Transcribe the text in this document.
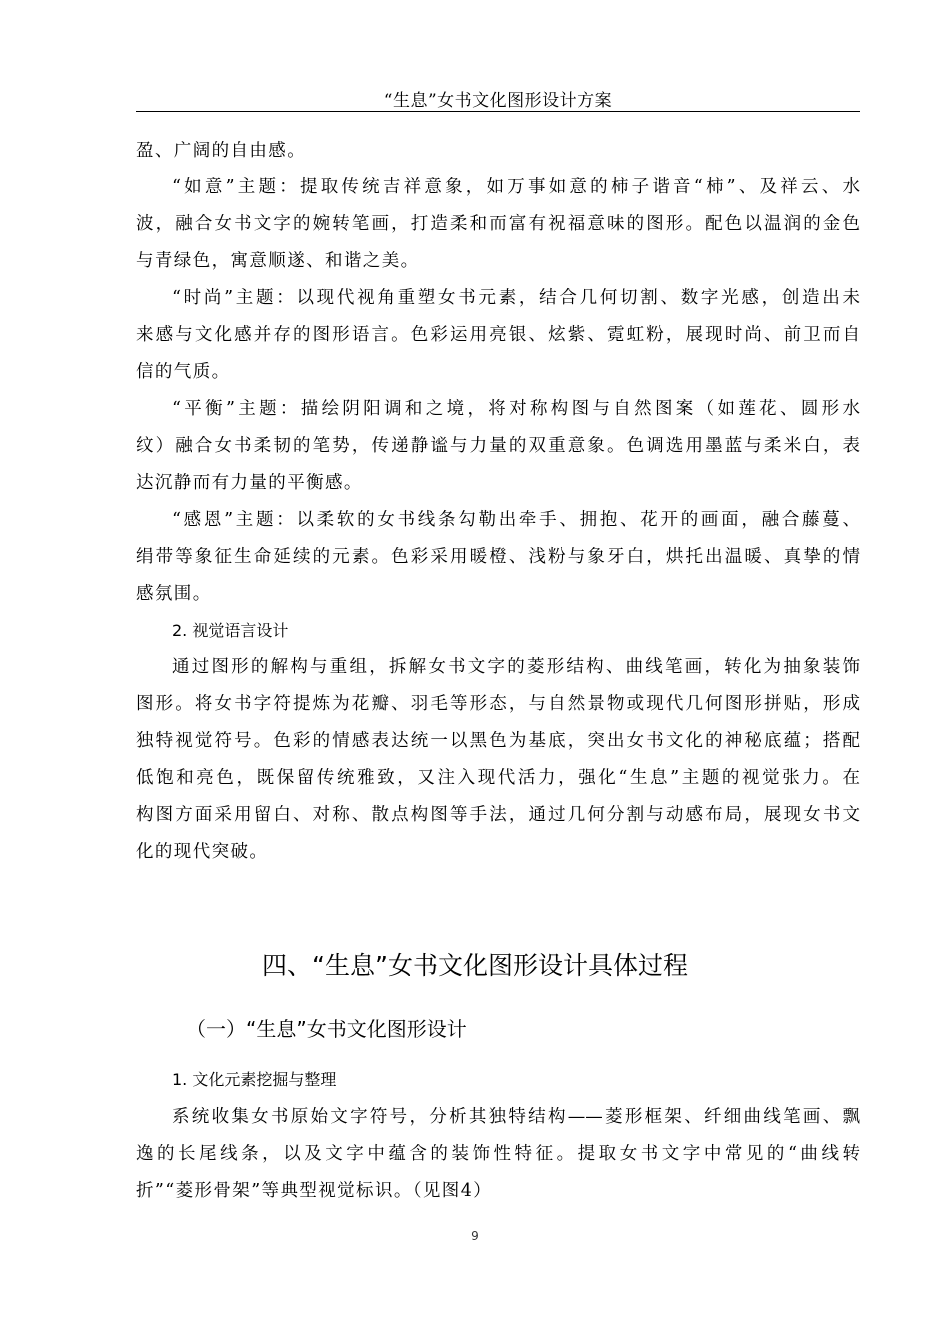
“生息”女书文化图形设计方案
盈、广阔的自由感。
“如意”主题：提取传统吉祥意象，如万事如意的柿子谐音“柿”、及祥云、水
波，融合女书文字的婉转笔画，打造柔和而富有祝福意味的图形。配色以温润的金色
与青绿色，寓意顺遂、和谐之美。
“时尚”主题：以现代视角重塑女书元素，结合几何切割、数字光感，创造出未
来感与文化感并存的图形语言。色彩运用亮银、炫紫、霓虹粉，展现时尚、前卫而自
信的气质。
“平衡”主题：描绘阴阳调和之境，将对称构图与自然图案（如莲花、圆形水
纹）融合女书柔韧的笔势，传递静谧与力量的双重意象。色调选用墨蓝与柔米白，表
达沉静而有力量的平衡感。
“感恩”主题：以柔软的女书线条勾勒出牵手、拥抱、花开的画面，融合藤蔓、
绢带等象征生命延续的元素。色彩采用暖橙、浅粉与象牙白，烘托出温暖、真挚的情
感氛围。
2. 视觉语言设计
通过图形的解构与重组，拆解女书文字的菱形结构、曲线笔画，转化为抽象装饰
图形。将女书字符提炼为花瓣、羽毛等形态，与自然景物或现代几何图形拼贴，形成
独特视觉符号。色彩的情感表达统一以黑色为基底，突出女书文化的神秘底蕴；搭配
低饱和亮色，既保留传统雅致，又注入现代活力，强化“生息”主题的视觉张力。在
构图方面采用留白、对称、散点构图等手法，通过几何分割与动感布局，展现女书文
化的现代突破。
四、“生息”女书文化图形设计具体过程
（一）“生息”女书文化图形设计
1. 文化元素挖掘与整理
系统收集女书原始文字符号，分析其独特结构——菱形框架、纤细曲线笔画、飘
逸的长尾线条，以及文字中蕴含的装饰性特征。提取女书文字中常见的“曲线转
折”“菱形骨架”等典型视觉标识。（见图4）
9
